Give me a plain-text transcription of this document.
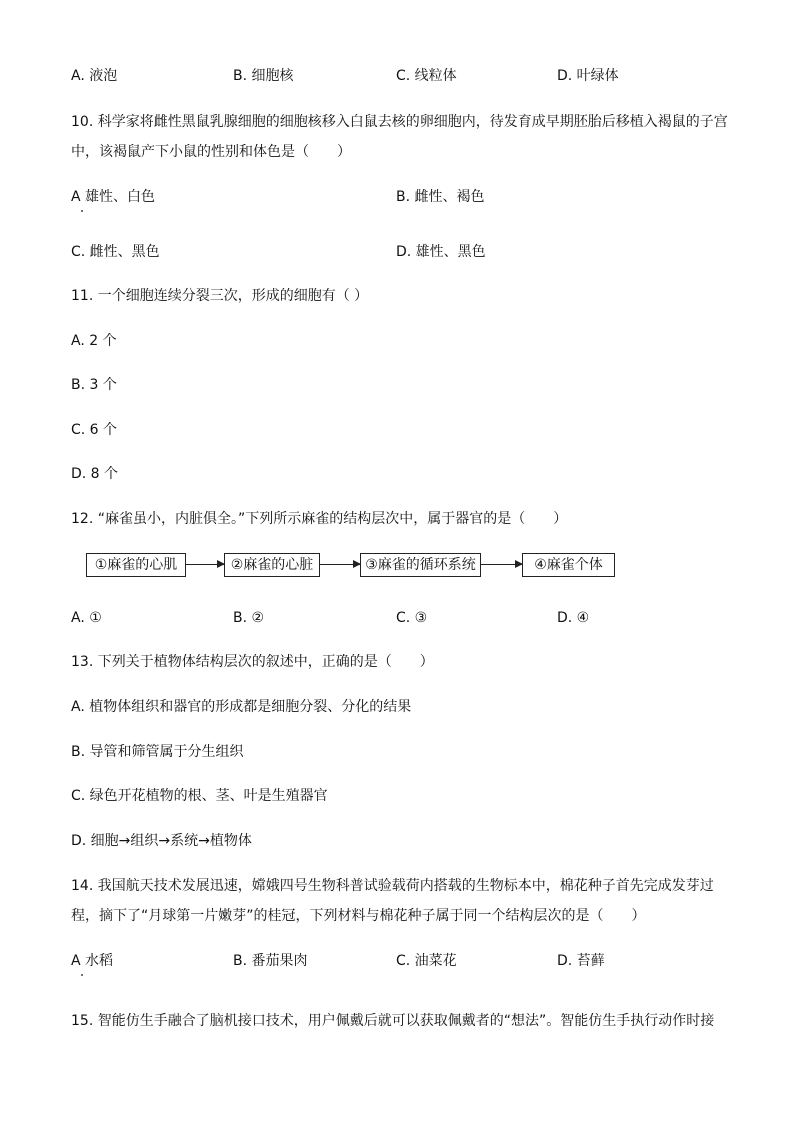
A. 液泡	B. 细胞核	C. 线粒体	D. 叶绿体
10. 科学家将雌性黑鼠乳腺细胞的细胞核移入白鼠去核的卵细胞内，待发育成早期胚胎后移植入褐鼠的子宫
中，该褐鼠产下小鼠的性别和体色是（　　）
A 雄性、白色	B. 雌性、褐色
C. 雌性、黑色	D. 雄性、黑色
11. 一个细胞连续分裂三次，形成的细胞有（ ）
A. 2 个
B. 3 个
C. 6 个
D. 8 个
12. “麻雀虽小，内脏俱全。”下列所示麻雀的结构层次中，属于器官的是（　　）
①麻雀的心肌	②麻雀的心脏	③麻雀的循环系统	④麻雀个体
A. ①	B. ②	C. ③	D. ④
13. 下列关于植物体结构层次的叙述中，正确的是（　　）
A. 植物体组织和器官的形成都是细胞分裂、分化的结果
B. 导管和筛管属于分生组织
C. 绿色开花植物的根、茎、叶是生殖器官
D. 细胞→组织→系统→植物体
14. 我国航天技术发展迅速，嫦娥四号生物科普试验载荷内搭载的生物标本中，棉花种子首先完成发芽过
程，摘下了“月球第一片嫩芽”的桂冠，下列材料与棉花种子属于同一个结构层次的是（　　）
A 水稻	B. 番茄果肉	C. 油菜花	D. 苔藓
15. 智能仿生手融合了脑机接口技术，用户佩戴后就可以获取佩戴者的“想法”。智能仿生手执行动作时接
